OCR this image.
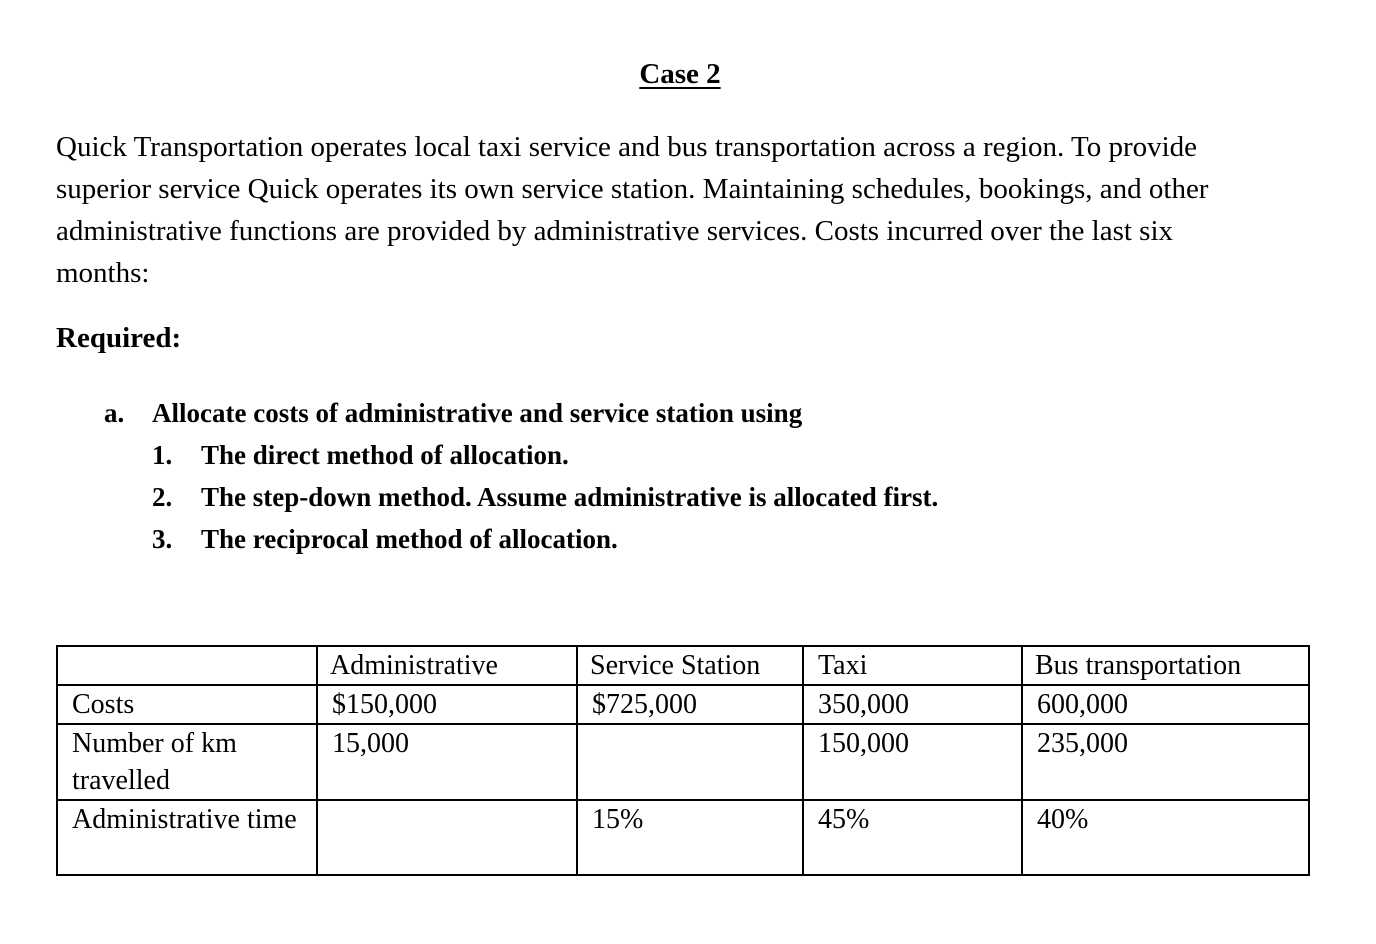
Case 2

Quick Transportation operates local taxi service and bus transportation across a region. To provide superior service Quick operates its own service station. Maintaining schedules, bookings, and other administrative functions are provided by administrative services. Costs incurred over the last six months:

Required:
a. Allocate costs of administrative and service station using
1. The direct method of allocation.
2. The step-down method. Assume administrative is allocated first.
3. The reciprocal method of allocation.
	Administrative	Service Station	Taxi	Bus transportation
Costs	$150,000	$725,000	350,000	600,000
Number of km travelled	15,000		150,000	235,000
Administrative time		15%	45%	40%
